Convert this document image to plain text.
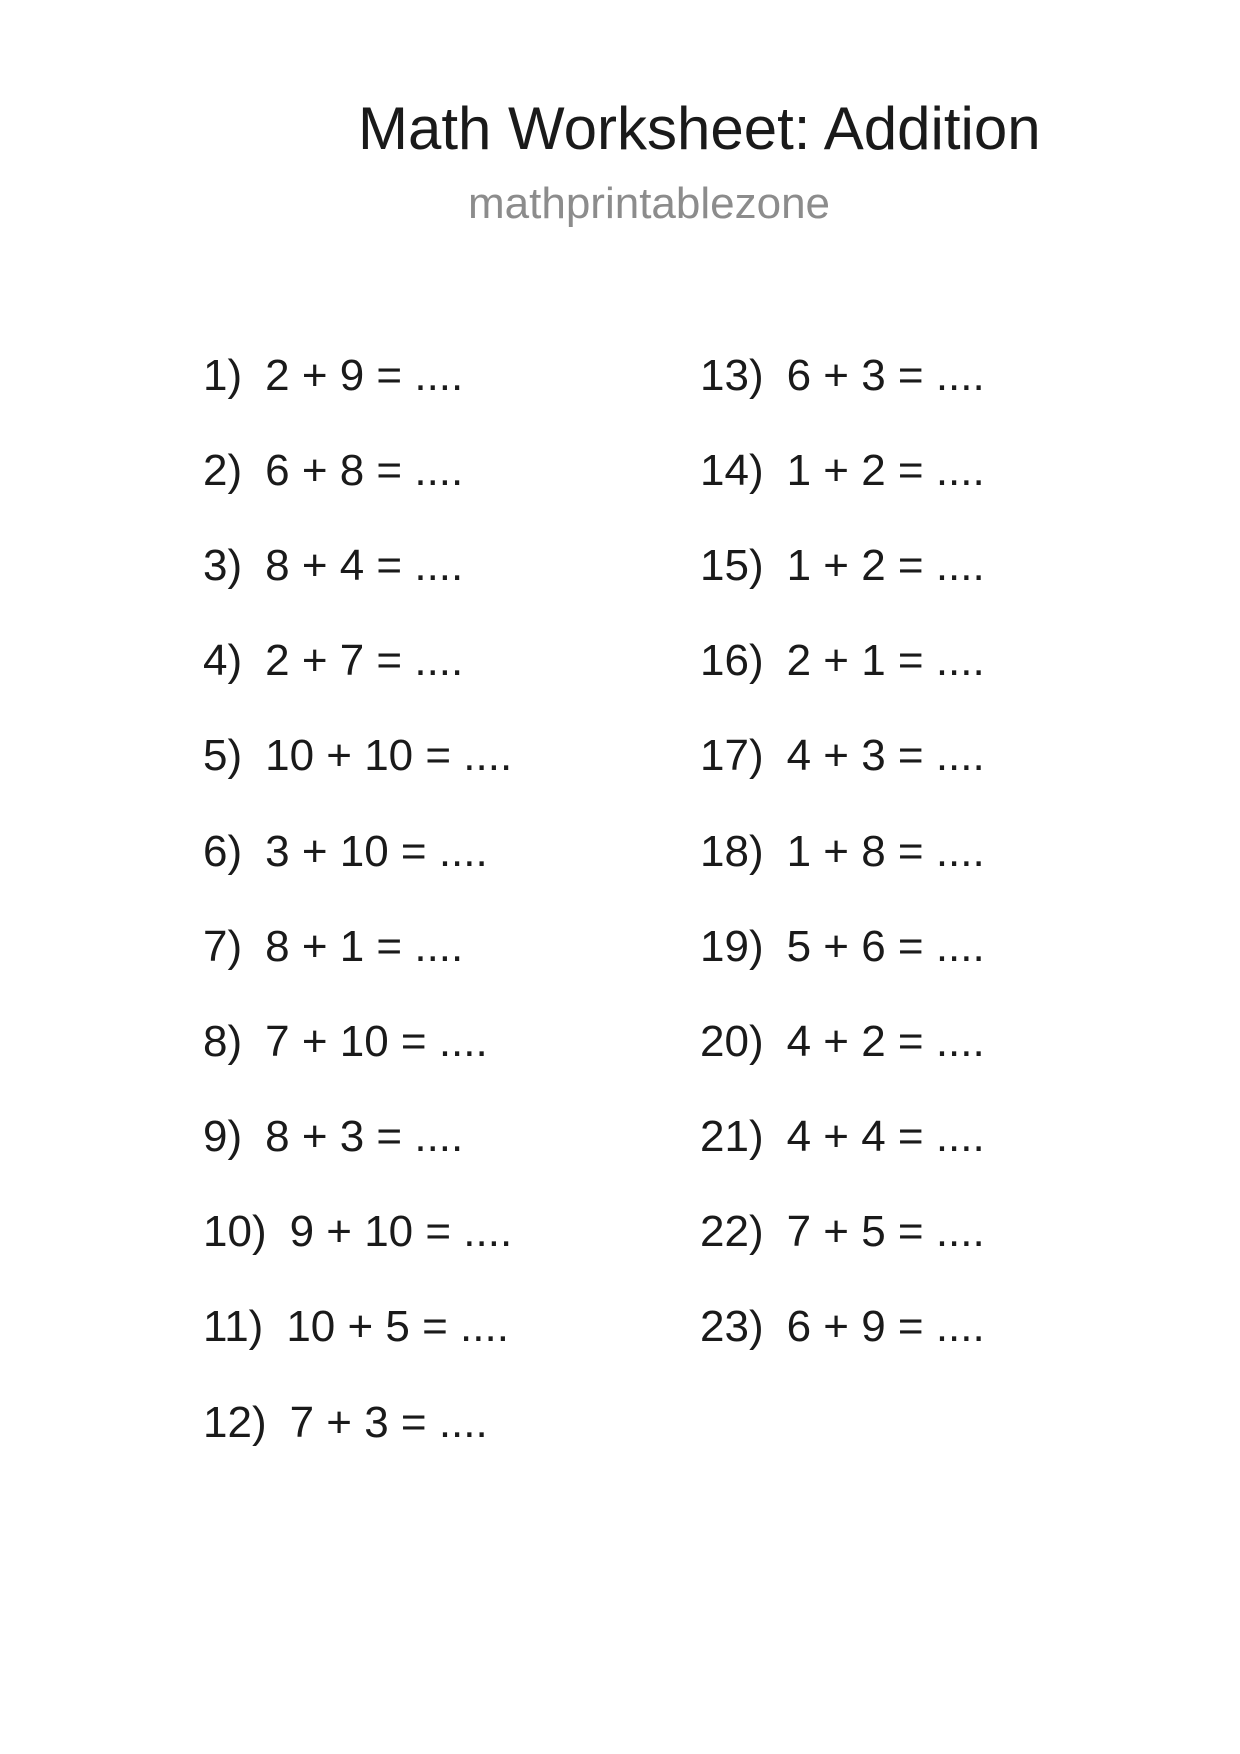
Math Worksheet: Addition
mathprintablezone
1) 2 + 9 = ....
2) 6 + 8 = ....
3) 8 + 4 = ....
4) 2 + 7 = ....
5) 10 + 10 = ....
6) 3 + 10 = ....
7) 8 + 1 = ....
8) 7 + 10 = ....
9) 8 + 3 = ....
10) 9 + 10 = ....
11) 10 + 5 = ....
12) 7 + 3 = ....
13) 6 + 3 = ....
14) 1 + 2 = ....
15) 1 + 2 = ....
16) 2 + 1 = ....
17) 4 + 3 = ....
18) 1 + 8 = ....
19) 5 + 6 = ....
20) 4 + 2 = ....
21) 4 + 4 = ....
22) 7 + 5 = ....
23) 6 + 9 = ....
